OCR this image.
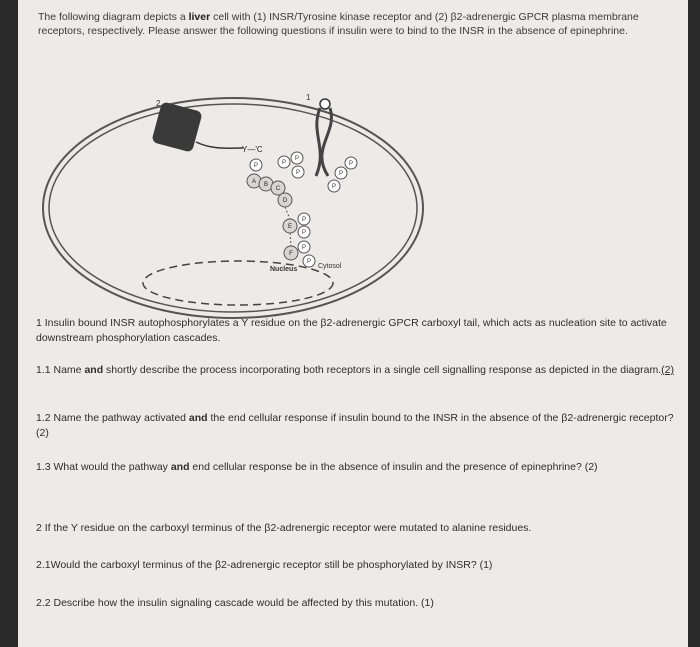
The following diagram depicts a liver cell with (1) INSR/Tyrosine kinase receptor and (2) β2-adrenergic GPCR plasma membrane receptors, respectively. Please answer the following questions if insulin were to bind to the INSR in the absence of epinephrine.
2
Y—'C
1
P
P
P
P
P
P
P
P
P
P
P
A B
C
D
E
F
Nucleus	Cytosol
1 Insulin bound INSR autophosphorylates a Y residue on the β2-adrenergic GPCR carboxyl tail, which acts as nucleation site to activate downstream phosphorylation cascades.
1.1 Name and shortly describe the process incorporating both receptors in a single cell signalling response as depicted in the diagram.(2)
1.2 Name the pathway activated and the end cellular response if insulin bound to the INSR in the absence of the β2-adrenergic receptor? (2)
1.3 What would the pathway and end cellular response be in the absence of insulin and the presence of epinephrine? (2)
2 If the Y residue on the carboxyl terminus of the β2-adrenergic receptor were mutated to alanine residues.
2.1Would the carboxyl terminus of the β2-adrenergic receptor still be phosphorylated by INSR? (1)
2.2 Describe how the insulin signaling cascade would be affected by this mutation. (1)
